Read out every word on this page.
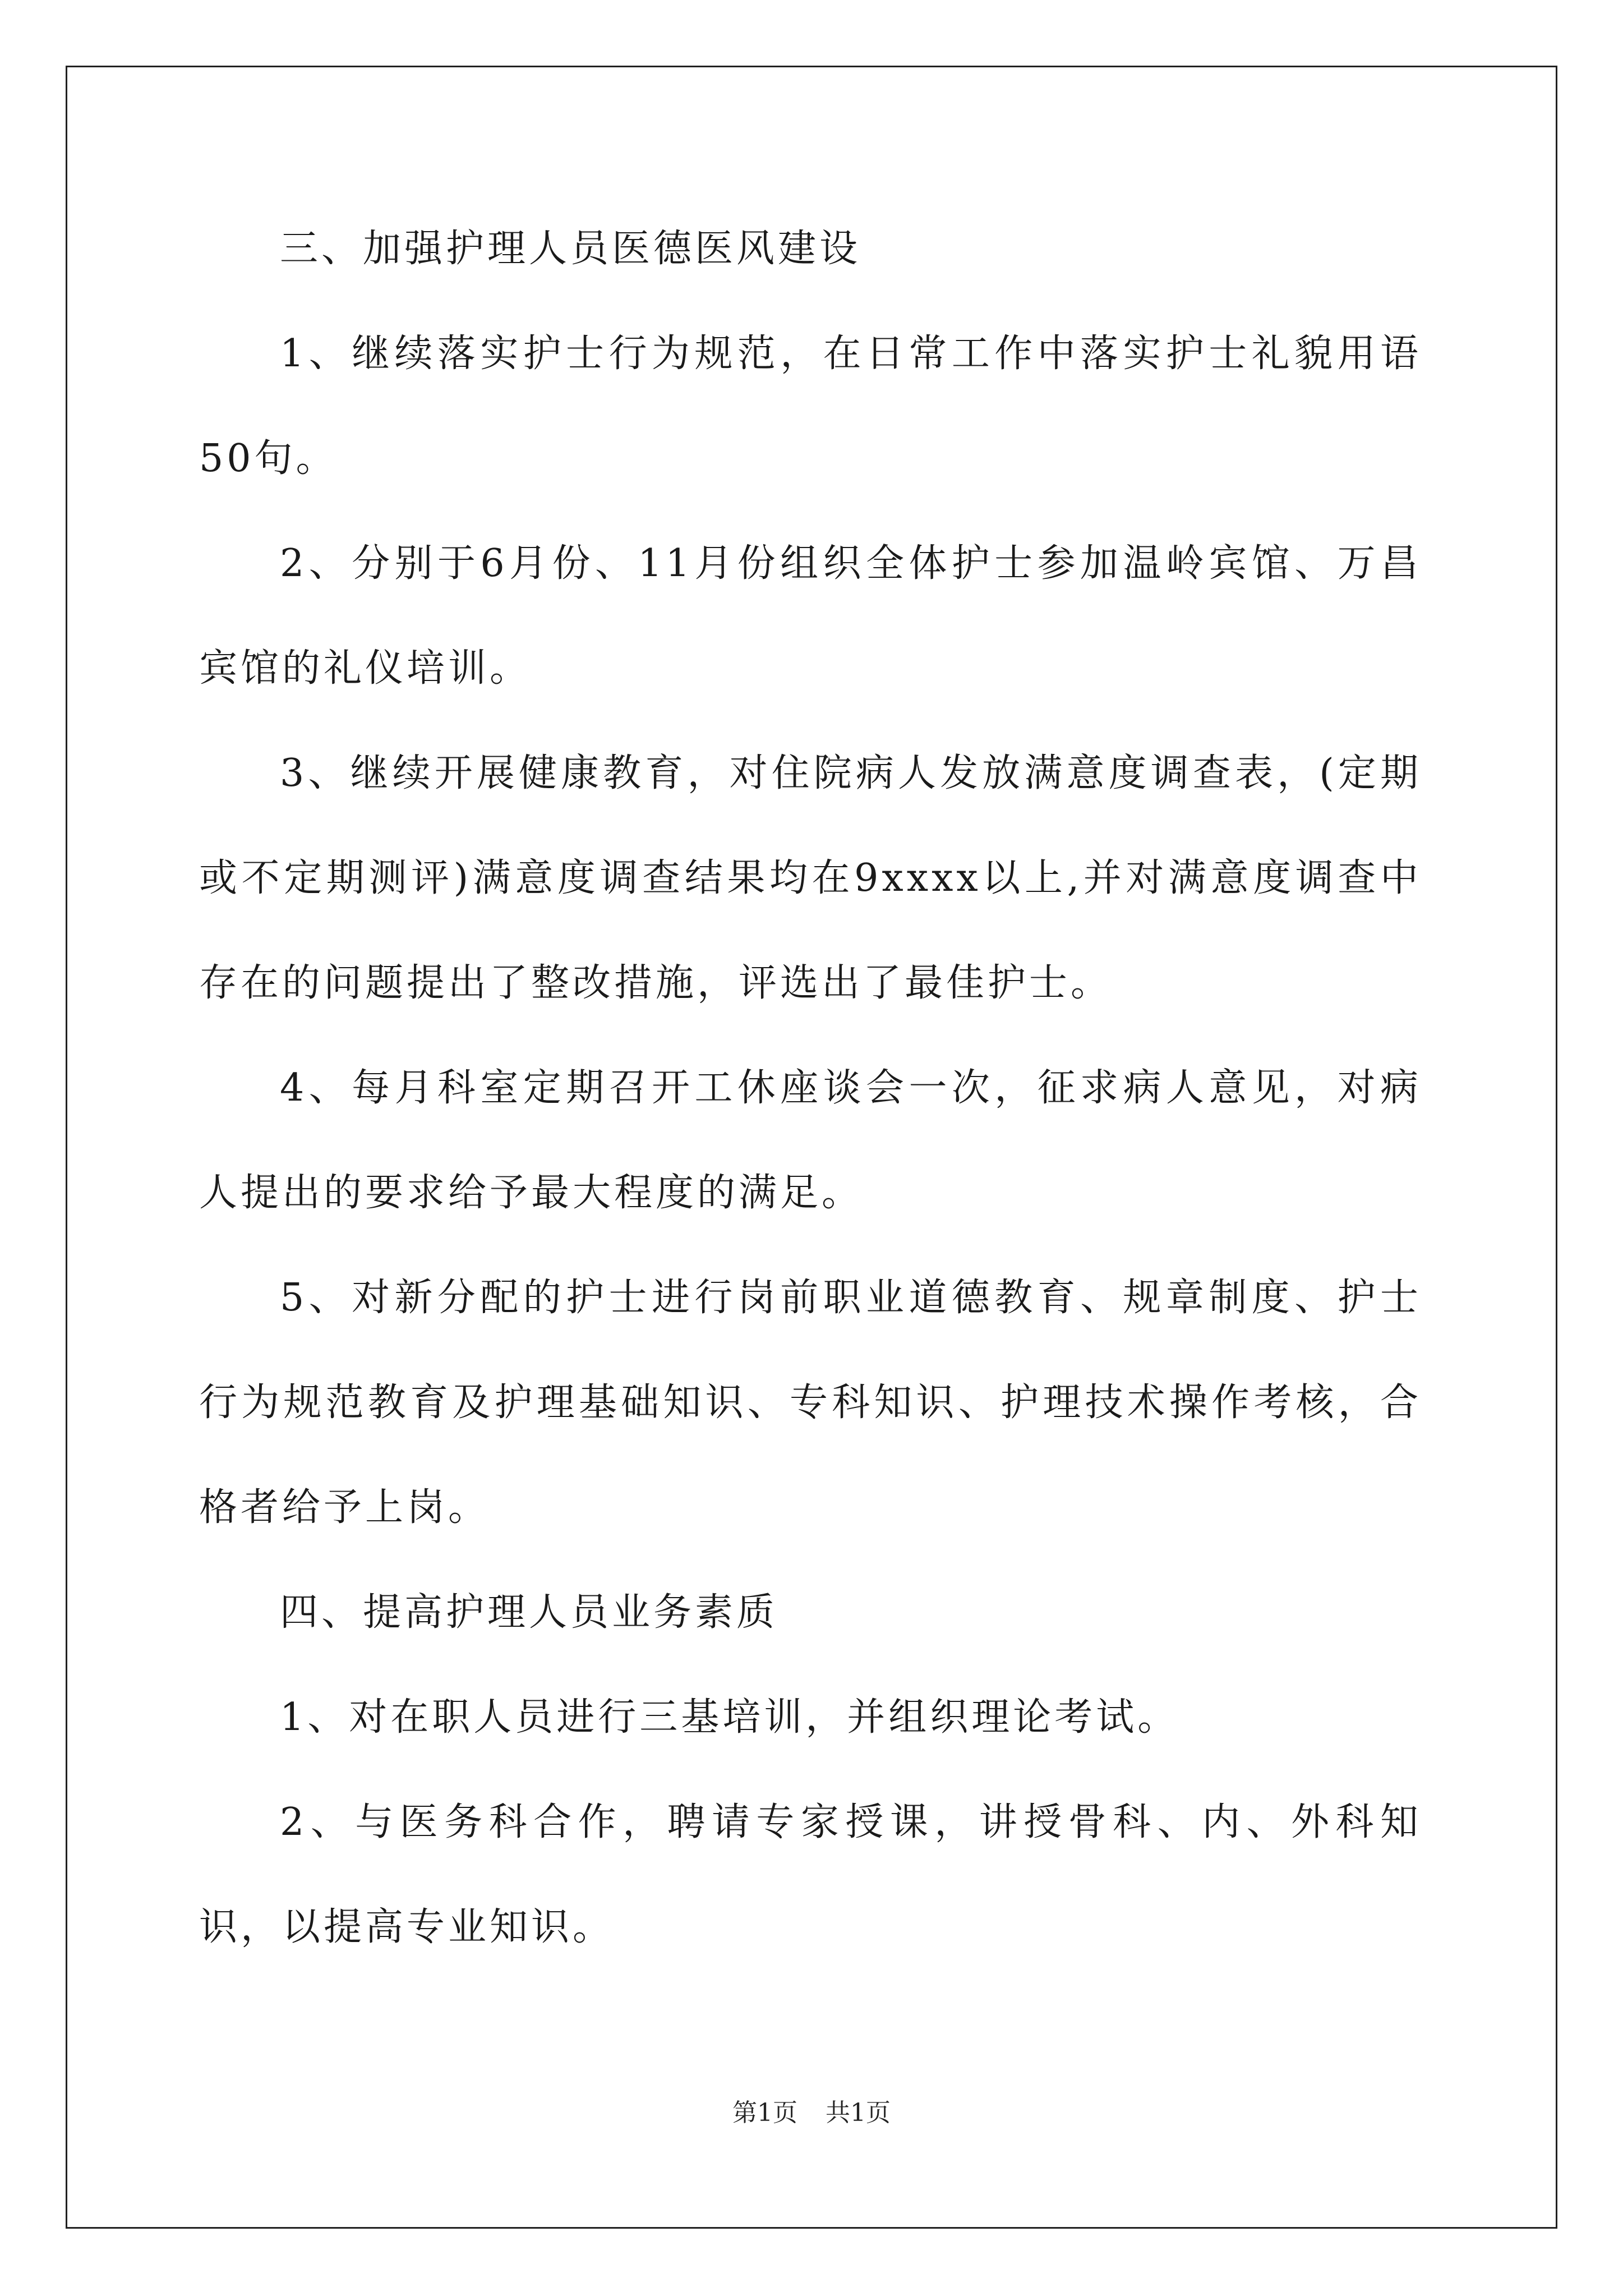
三、加强护理人员医德医风建设

1、继续落实护士行为规范，在日常工作中落实护士礼貌用语50句。

2、分别于6月份、11月份组织全体护士参加温岭宾馆、万昌宾馆的礼仪培训。

3、继续开展健康教育，对住院病人发放满意度调查表，(定期或不定期测评)满意度调查结果均在9xxxx以上,并对满意度调查中存在的问题提出了整改措施，评选出了最佳护士。

4、每月科室定期召开工休座谈会一次，征求病人意见，对病人提出的要求给予最大程度的满足。

5、对新分配的护士进行岗前职业道德教育、规章制度、护士行为规范教育及护理基础知识、专科知识、护理技术操作考核，合格者给予上岗。

四、提高护理人员业务素质

1、对在职人员进行三基培训，并组织理论考试。

2、与医务科合作，聘请专家授课，讲授骨科、内、外科知识，以提高专业知识。

第1页 共1页
